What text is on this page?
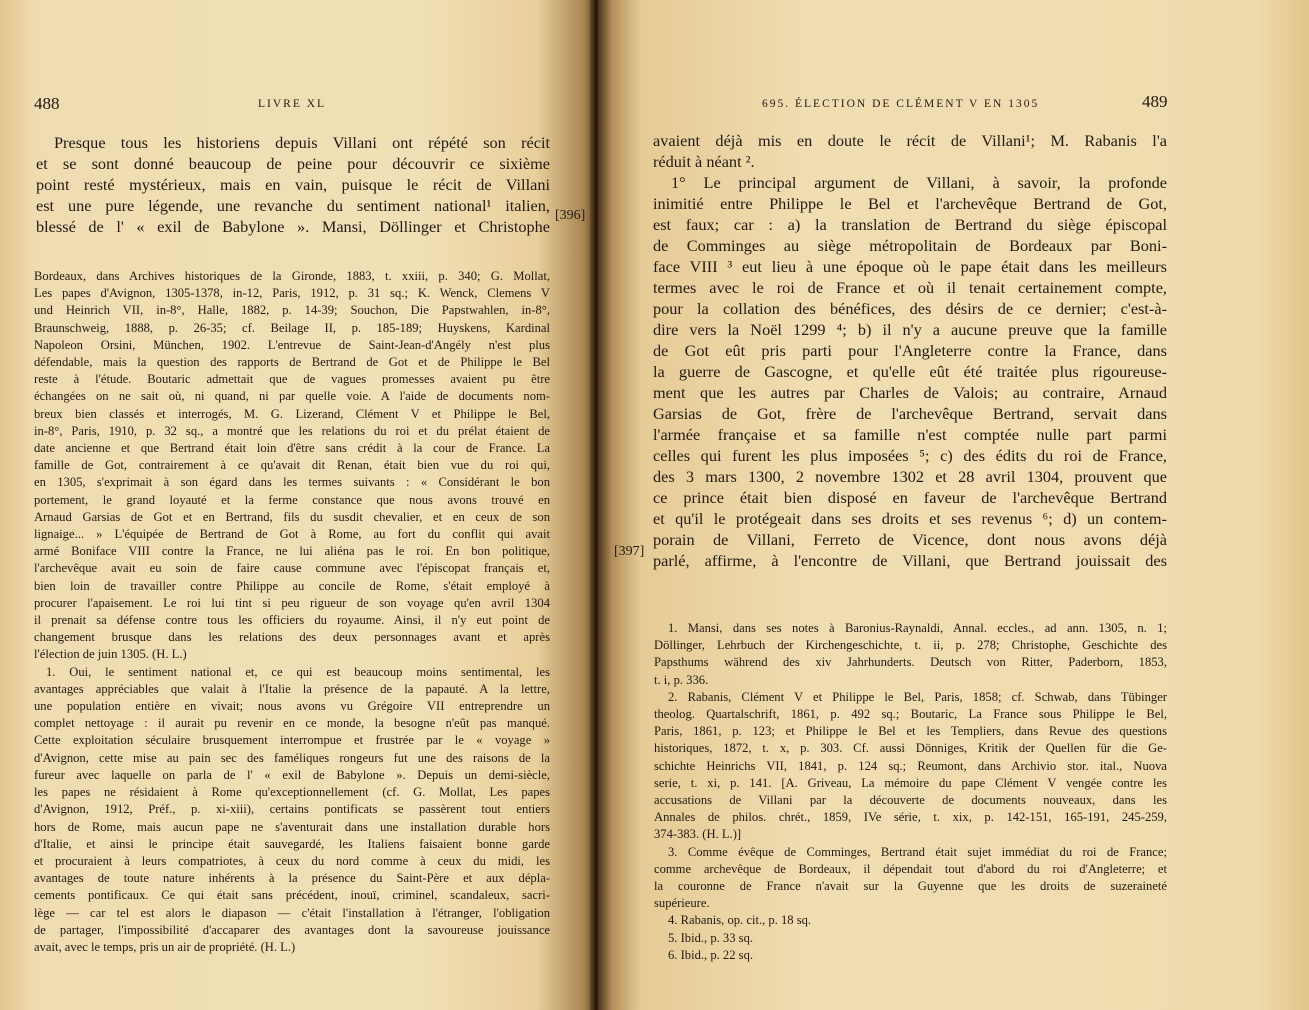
488	LIVRE XL
Presque tous les historiens depuis Villani ont répété son récit
et se sont donné beaucoup de peine pour découvrir ce sixième
point resté mystérieux, mais en vain, puisque le récit de Villani
est une pure légende, une revanche du sentiment national¹ italien,
blessé de l' « exil de Babylone ». Mansi, Döllinger et Christophe
[396]
Bordeaux, dans Archives historiques de la Gironde, 1883, t. xxiii, p. 340; G. Mollat,
Les papes d'Avignon, 1305-1378, in-12, Paris, 1912, p. 31 sq.; K. Wenck, Clemens V
und Heinrich VII, in-8°, Halle, 1882, p. 14-39; Souchon, Die Papstwahlen, in-8°,
Braunschweig, 1888, p. 26-35; cf. Beilage II, p. 185-189; Huyskens, Kardinal
Napoleon Orsini, München, 1902. L'entrevue de Saint-Jean-d'Angély n'est plus
défendable, mais la question des rapports de Bertrand de Got et de Philippe le Bel
reste à l'étude. Boutaric admettait que de vagues promesses avaient pu être
échangées on ne sait où, ni quand, ni par quelle voie. A l'aide de documents nom-
breux bien classés et interrogés, M. G. Lizerand, Clément V et Philippe le Bel,
in-8°, Paris, 1910, p. 32 sq., a montré que les relations du roi et du prélat étaient de
date ancienne et que Bertrand était loin d'être sans crédit à la cour de France. La
famille de Got, contrairement à ce qu'avait dit Renan, était bien vue du roi qui,
en 1305, s'exprimait à son égard dans les termes suivants : « Considérant le bon
portement, le grand loyauté et la ferme constance que nous avons trouvé en
Arnaud Garsias de Got et en Bertrand, fils du susdit chevalier, et en ceux de son
lignaige... » L'équipée de Bertrand de Got à Rome, au fort du conflit qui avait
armé Boniface VIII contre la France, ne lui aliéna pas le roi. En bon politique,
l'archevêque avait eu soin de faire cause commune avec l'épiscopat français et,
bien loin de travailler contre Philippe au concile de Rome, s'était employé à
procurer l'apaisement. Le roi lui tint si peu rigueur de son voyage qu'en avril 1304
il prenait sa défense contre tous les officiers du royaume. Ainsi, il n'y eut point de
changement brusque dans les relations des deux personnages avant et après
l'élection de juin 1305. (H. L.)
1. Oui, le sentiment national et, ce qui est beaucoup moins sentimental, les
avantages appréciables que valait à l'Italie la présence de la papauté. A la lettre,
une population entière en vivait; nous avons vu Grégoire VII entreprendre un
complet nettoyage : il aurait pu revenir en ce monde, la besogne n'eût pas manqué.
Cette exploitation séculaire brusquement interrompue et frustrée par le « voyage »
d'Avignon, cette mise au pain sec des faméliques rongeurs fut une des raisons de la
fureur avec laquelle on parla de l' « exil de Babylone ». Depuis un demi-siècle,
les papes ne résidaient à Rome qu'exceptionnellement (cf. G. Mollat, Les papes
d'Avignon, 1912, Préf., p. xi-xiii), certains pontificats se passèrent tout entiers
hors de Rome, mais aucun pape ne s'aventurait dans une installation durable hors
d'Italie, et ainsi le principe était sauvegardé, les Italiens faisaient bonne garde
et procuraient à leurs compatriotes, à ceux du nord comme à ceux du midi, les
avantages de toute nature inhérents à la présence du Saint-Père et aux dépla-
cements pontificaux. Ce qui était sans précédent, inouï, criminel, scandaleux, sacri-
lège — car tel est alors le diapason — c'était l'installation à l'étranger, l'obligation
de partager, l'impossibilité d'accaparer des avantages dont la savoureuse jouissance
avait, avec le temps, pris un air de propriété. (H. L.)
695. ÉLECTION DE CLÉMENT V EN 1305	489
avaient déjà mis en doute le récit de Villani¹; M. Rabanis l'a
réduit à néant ².
1° Le principal argument de Villani, à savoir, la profonde
inimitié entre Philippe le Bel et l'archevêque Bertrand de Got,
est faux; car : a) la translation de Bertrand du siège épiscopal
de Comminges au siège métropolitain de Bordeaux par Boni-
face VIII ³ eut lieu à une époque où le pape était dans les meilleurs
termes avec le roi de France et où il tenait certainement compte,
pour la collation des bénéfices, des désirs de ce dernier; c'est-à-
dire vers la Noël 1299 ⁴; b) il n'y a aucune preuve que la famille
de Got eût pris parti pour l'Angleterre contre la France, dans
la guerre de Gascogne, et qu'elle eût été traitée plus rigoureuse-
ment que les autres par Charles de Valois; au contraire, Arnaud
Garsias de Got, frère de l'archevêque Bertrand, servait dans
l'armée française et sa famille n'est comptée nulle part parmi
celles qui furent les plus imposées ⁵; c) des édits du roi de France,
des 3 mars 1300, 2 novembre 1302 et 28 avril 1304, prouvent que
ce prince était bien disposé en faveur de l'archevêque Bertrand
et qu'il le protégeait dans ses droits et ses revenus ⁶; d) un contem-
porain de Villani, Ferreto de Vicence, dont nous avons déjà
parlé, affirme, à l'encontre de Villani, que Bertrand jouissait des
[397]
1. Mansi, dans ses notes à Baronius-Raynaldi, Annal. eccles., ad ann. 1305, n. 1;
Döllinger, Lehrbuch der Kirchengeschichte, t. ii, p. 278; Christophe, Geschichte des
Papsthums während des xiv Jahrhunderts. Deutsch von Ritter, Paderborn, 1853,
t. i, p. 336.
2. Rabanis, Clément V et Philippe le Bel, Paris, 1858; cf. Schwab, dans Tübinger
theolog. Quartalschrift, 1861, p. 492 sq.; Boutaric, La France sous Philippe le Bel,
Paris, 1861, p. 123; et Philippe le Bel et les Templiers, dans Revue des questions
historiques, 1872, t. x, p. 303. Cf. aussi Dönniges, Kritik der Quellen für die Ge-
schichte Heinrichs VII, 1841, p. 124 sq.; Reumont, dans Archivio stor. ital., Nuova
serie, t. xi, p. 141. [A. Griveau, La mémoire du pape Clément V vengée contre les
accusations de Villani par la découverte de documents nouveaux, dans les
Annales de philos. chrét., 1859, IVe série, t. xix, p. 142-151, 165-191, 245-259,
374-383. (H. L.)]
3. Comme évêque de Comminges, Bertrand était sujet immédiat du roi de France;
comme archevêque de Bordeaux, il dépendait tout d'abord du roi d'Angleterre; et
la couronne de France n'avait sur la Guyenne que les droits de suzeraineté
supérieure.
4. Rabanis, op. cit., p. 18 sq.
5. Ibid., p. 33 sq.
6. Ibid., p. 22 sq.
